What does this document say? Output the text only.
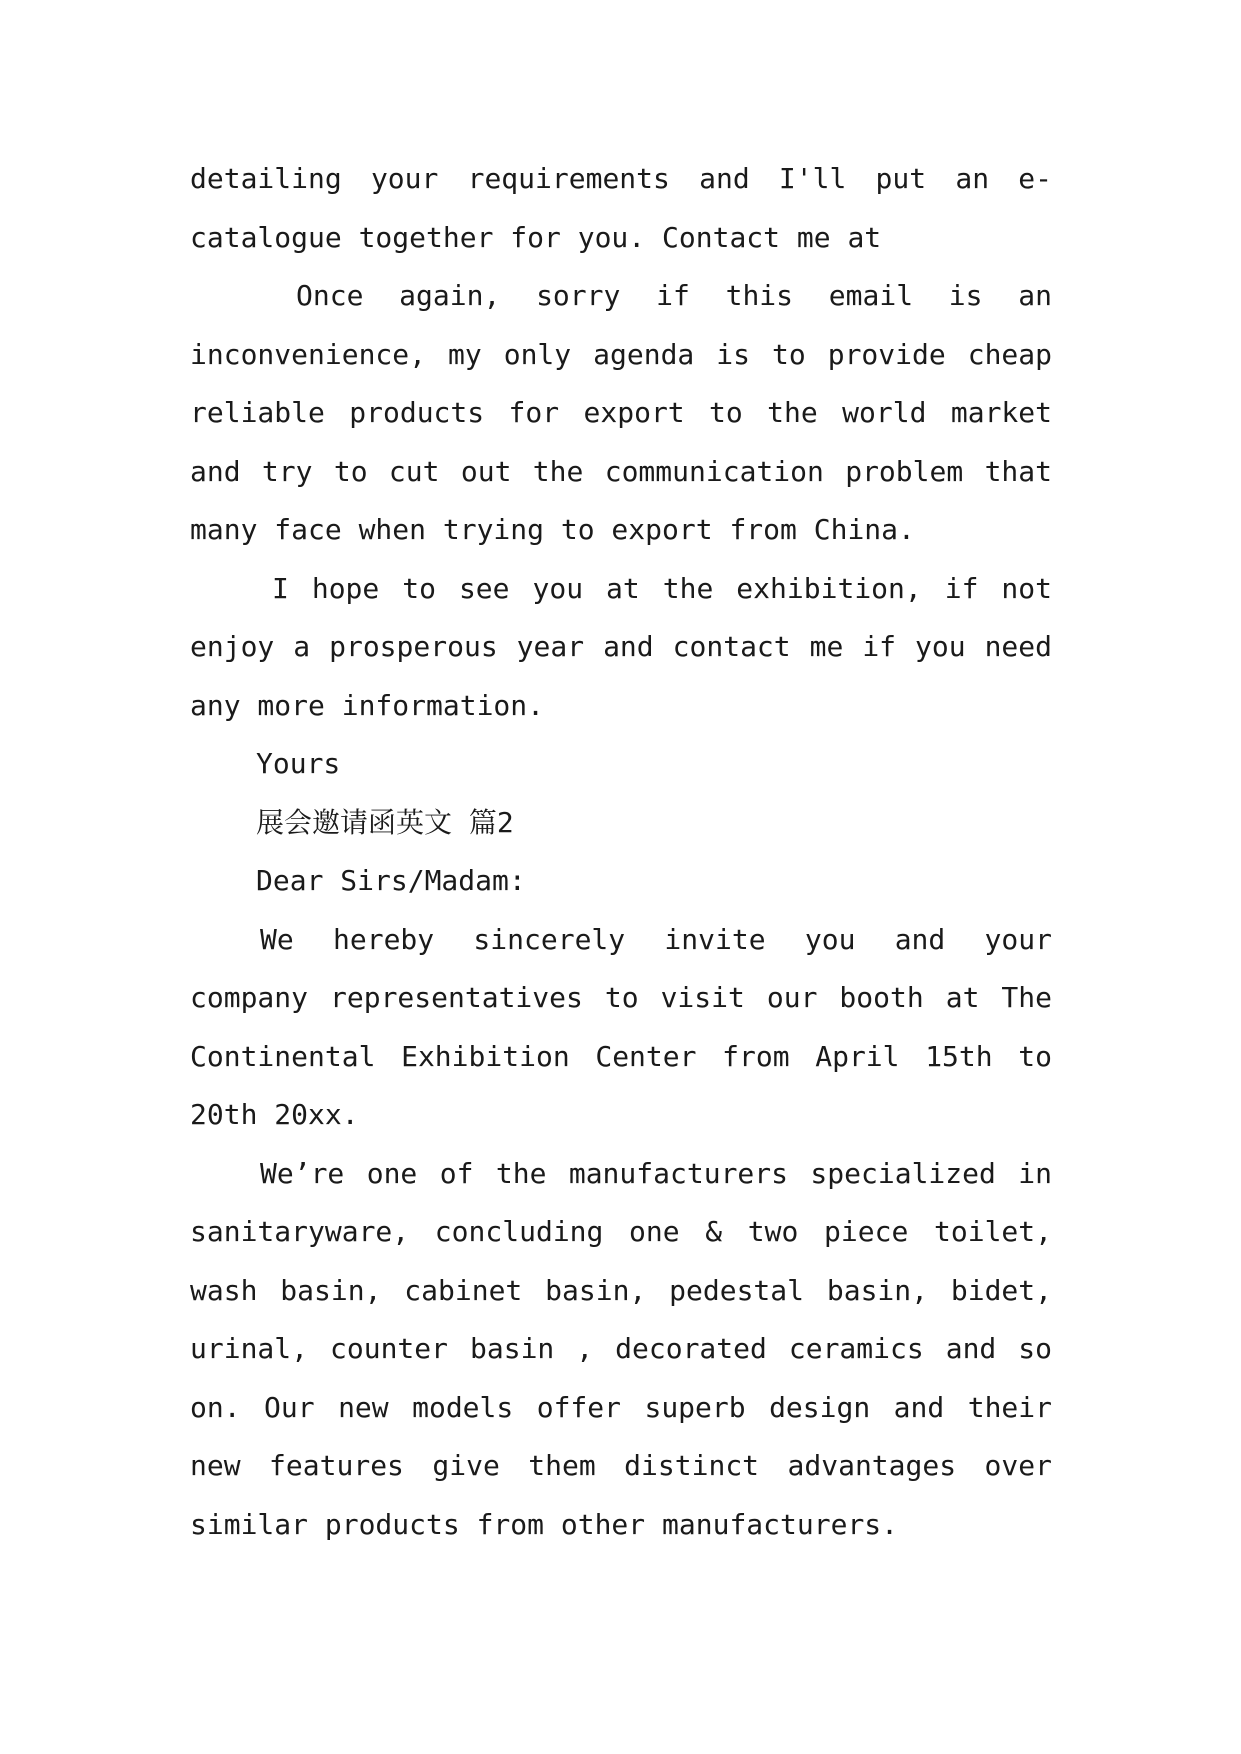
detailing your requirements and I'll put an e-catalogue together for you. Contact me at

Once again, sorry if this email is an inconvenience, my only agenda is to provide cheap reliable products for export to the world market and try to cut out the communication problem that many face when trying to export from China.

I hope to see you at the exhibition, if not enjoy a prosperous year and contact me if you need any more information.

Yours

展会邀请函英文 篇2

Dear Sirs/Madam:

We hereby sincerely invite you and your company representatives to visit our booth at The Continental Exhibition Center from April 15th to 20th 20xx.

We’re one of the manufacturers specialized in sanitaryware, concluding one & two piece toilet, wash basin, cabinet basin, pedestal basin, bidet, urinal, counter basin , decorated ceramics and so on. Our new models offer superb design and their new features give them distinct advantages over similar products from other manufacturers.
